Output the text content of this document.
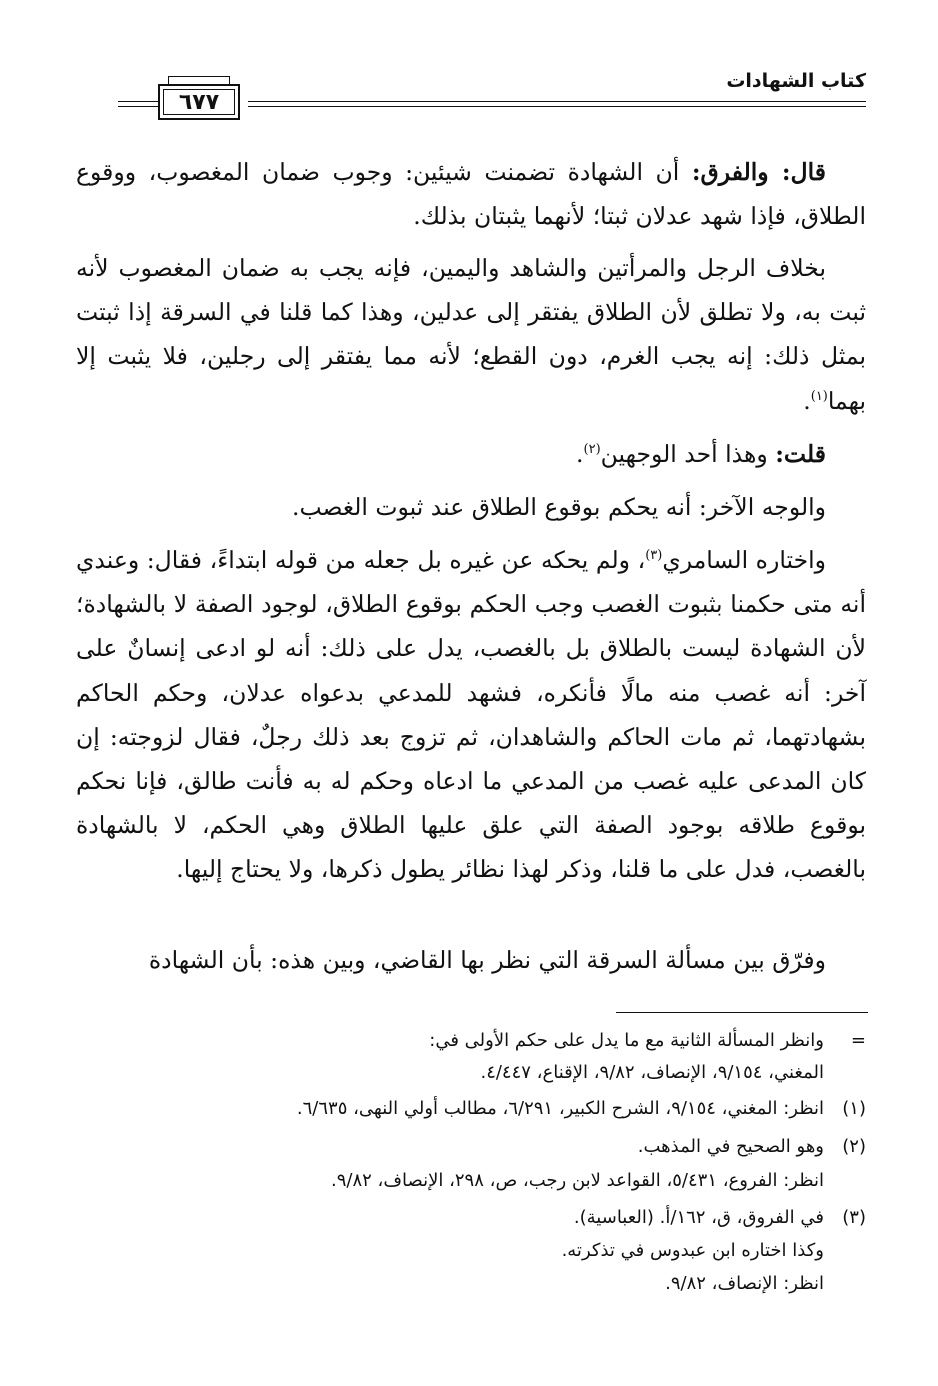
كتاب الشهادات
٦٧٧

قال: والفرق: أن الشهادة تضمنت شيئين: وجوب ضمان المغصوب، ووقوع الطلاق، فإذا شهد عدلان ثبتا؛ لأنهما يثبتان بذلك.

بخلاف الرجل والمرأتين والشاهد واليمين، فإنه يجب به ضمان المغصوب لأنه ثبت به، ولا تطلق لأن الطلاق يفتقر إلى عدلين، وهذا كما قلنا في السرقة إذا ثبتت بمثل ذلك: إنه يجب الغرم، دون القطع؛ لأنه مما يفتقر إلى رجلين، فلا يثبت إلا بهما$^{(١)}$.

قلت: وهذا أحد الوجهين$^{(٢)}$.

والوجه الآخر: أنه يحكم بوقوع الطلاق عند ثبوت الغصب.

واختاره السامري$^{(٣)}$، ولم يحكه عن غيره بل جعله من قوله ابتداءً، فقال: وعندي أنه متى حكمنا بثبوت الغصب وجب الحكم بوقوع الطلاق، لوجود الصفة لا بالشهادة؛ لأن الشهادة ليست بالطلاق بل بالغصب، يدل على ذلك: أنه لو ادعى إنسانٌ على آخر: أنه غصب منه مالًا فأنكره، فشهد للمدعي بدعواه عدلان، وحكم الحاكم بشهادتهما، ثم مات الحاكم والشاهدان، ثم تزوج بعد ذلك رجلٌ، فقال لزوجته: إن كان المدعى عليه غصب من المدعي ما ادعاه وحكم له به فأنت طالق، فإنا نحكم بوقوع طلاقه بوجود الصفة التي علق عليها الطلاق وهي الحكم، لا بالشهادة بالغصب، فدل على ما قلنا، وذكر لهذا نظائر يطول ذكرها، ولا يحتاج إليها.

وفرّق بين مسألة السرقة التي نظر بها القاضي، وبين هذه: بأن الشهادة

=وانظر المسألة الثانية مع ما يدل على حكم الأولى في:
المغني، ٩/١٥٤، الإنصاف، ٩/٨٢، الإقناع، ٤/٤٤٧.
(١)انظر: المغني، ٩/١٥٤، الشرح الكبير، ٦/٢٩١، مطالب أولي النهى، ٦/٦٣٥.
(٢)وهو الصحيح في المذهب.
انظر: الفروع، ٥/٤٣١، القواعد لابن رجب، ص، ٢٩٨، الإنصاف، ٩/٨٢.
(٣)في الفروق، ق، ١٦٢/أ. (العباسية).
وكذا اختاره ابن عبدوس في تذكرته.
انظر: الإنصاف، ٩/٨٢.
